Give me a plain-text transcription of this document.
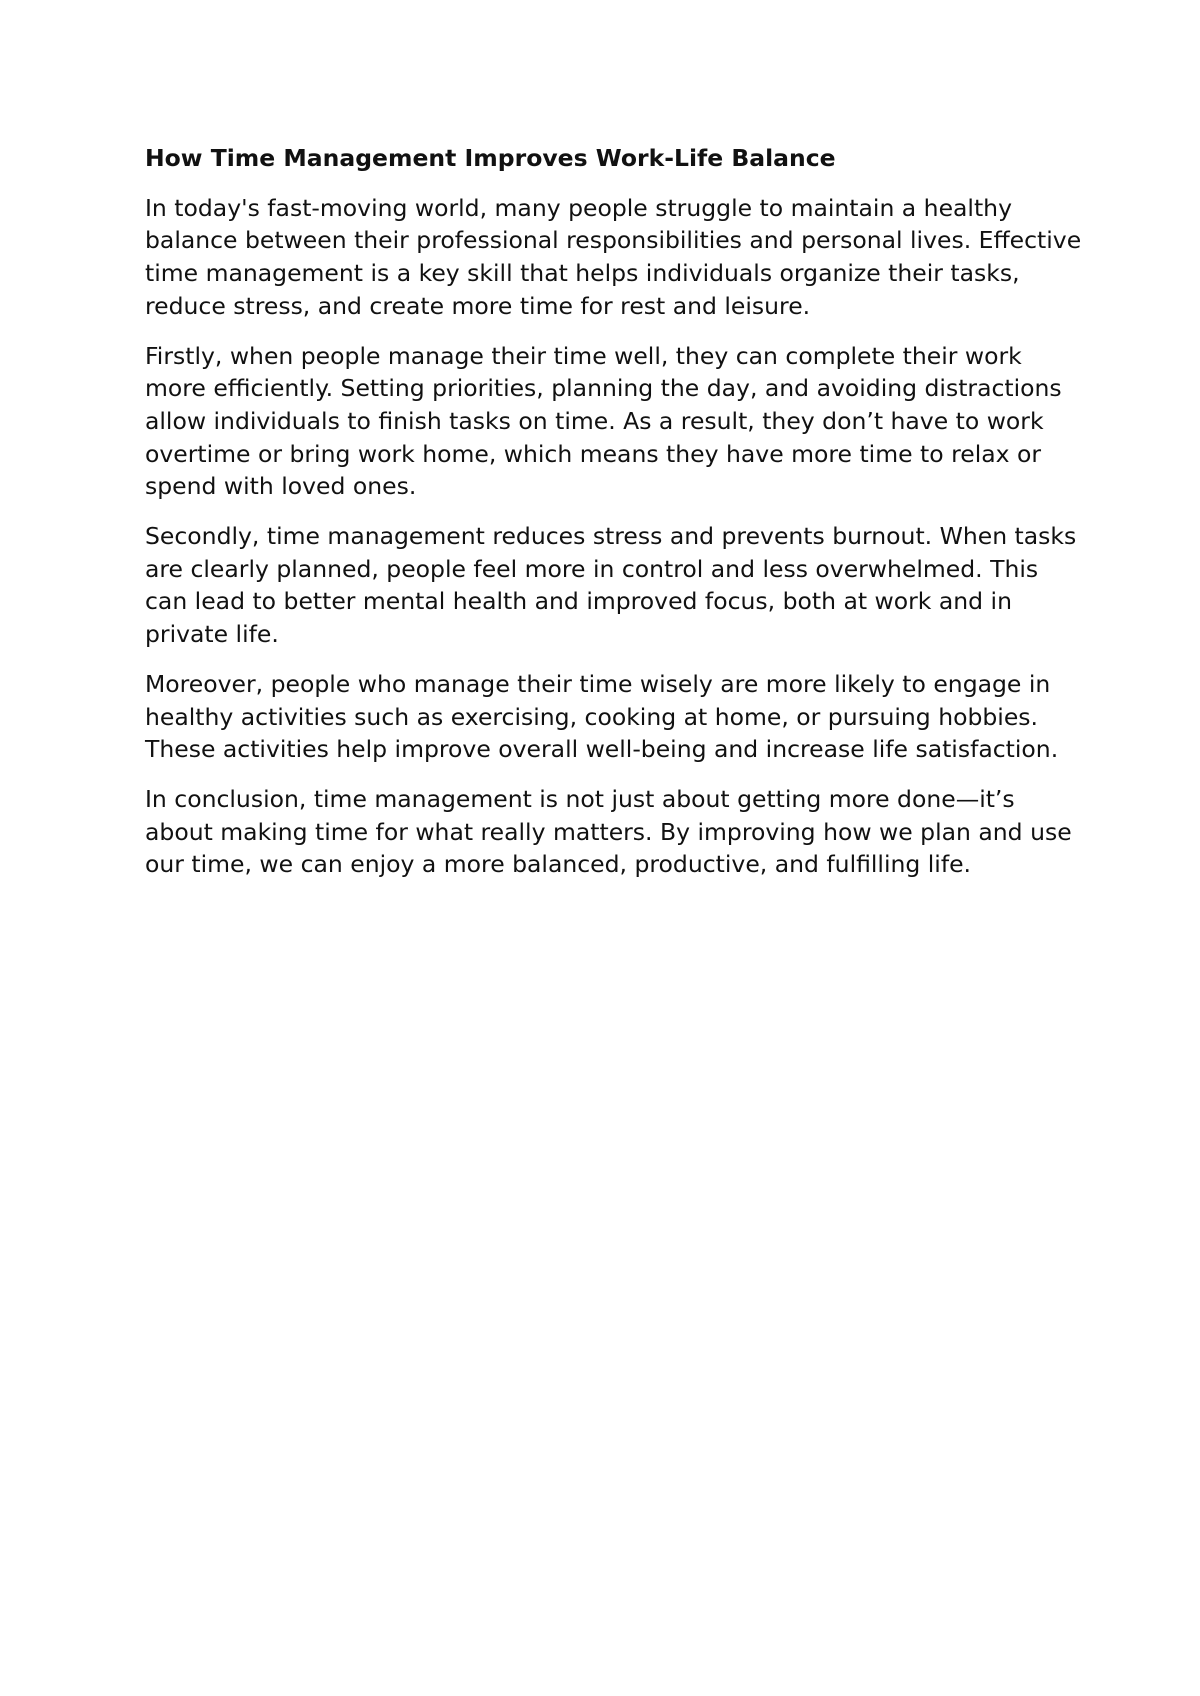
How Time Management Improves Work-Life Balance

In today's fast-moving world, many people struggle to maintain a healthy balance between their professional responsibilities and personal lives. Effective time management is a key skill that helps individuals organize their tasks, reduce stress, and create more time for rest and leisure.

Firstly, when people manage their time well, they can complete their work more efficiently. Setting priorities, planning the day, and avoiding distractions allow individuals to finish tasks on time. As a result, they don’t have to work overtime or bring work home, which means they have more time to relax or spend with loved ones.

Secondly, time management reduces stress and prevents burnout. When tasks are clearly planned, people feel more in control and less overwhelmed. This can lead to better mental health and improved focus, both at work and in private life.

Moreover, people who manage their time wisely are more likely to engage in healthy activities such as exercising, cooking at home, or pursuing hobbies. These activities help improve overall well-being and increase life satisfaction.

In conclusion, time management is not just about getting more done—it’s about making time for what really matters. By improving how we plan and use our time, we can enjoy a more balanced, productive, and fulfilling life.
